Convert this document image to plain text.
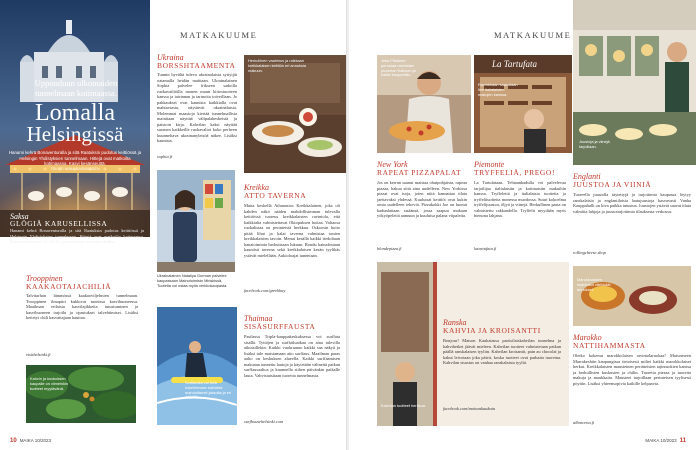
Uppouduun ulkomaiden tunnelmaan kotimaassa.
Lomalla
Helsingissä
Hanami kehrä Bonaventuralla ja sitä Raatuksin pudotus keittiössä ja Helsingin Yhdistyksien tunnelmaan. Hittejä ovat matkoilta kotimaassa. Kasvi kesänseuttä.
TEKSTI NIINA RASMUSSEN
Saksa
GLÖGIÄ KARUSELLISSA
Kasvi kesänseuttä 12.-22.12. ja tunnelmaa voi kokea kaikki.
MATKAKUUME
Ukraina
BORSSHTAAMENTA
Tunnin hyvältä tuleva ukrainalaista syttyijät oatamalla heidän maittaan. Ukrainalainen Sophia palvelee frikseen sadoilla ruokavailiöilla monen muun kiitostuotteen kanssa ja tairinnan ja tarinoita toiveillaan. Jo pakkaukset ovat kaunista kaikkialla ovat mahtaviasia, näyttävät ukrainalaisia. Molemmat maastoja kiertää tunnelmallisia mainitaan näyttää välipalakeskeistä ja paistoin kirja. Kahvilan kaksi näyttää suomen kaikkeille ruokavaliot koko perheen kuunneltava ukrainanyleisöä näkee. Lisäksi kaunista.
sophia.fi
Herkullinen vaatimus ja raikkaan kreikkalaisen keittiön eri annoksia makuun.
Ukrainalainen Nataliya Gorman palvelee kaupassaan Mainotoimisto Minskissä, Tuoteita voi ostaa myös verkkokaupasta.
Kreikka
ATTO TAVERNA
Mutta keskellä Athanasios Kreikkalainen, joka oli kahden näkö näiden mahdollisimman tulevalla keittiössä tuoreus kreikkalaisten ravintola, että kaikkialta valmistettavat Oktopuksen hoitaa. Valtaosa ruokalistaa on perinteistä herkkua. Oskoosin hoito pitää lihat ja kalat taverna valmistaa omien kreikkalaisten tavoin. Menut kesällä kaikki tiedoltaan hanatoiminta herkuistaan lukuun. Rondu kainalostaan kauniisti taverna sekä kreikkalaisen kesän tyylikäs ystävät mielellään. Aukioloajat tunnetaan.
facebook.com/greekbay
Trooppinen
KAAKAOTAJACHILIÄ
Talvitarhan lämmössä kaakaoviljelmien tunnelmaan. Trooppinen ilmapiiri kukkivat monissa kasvihuoneessa. Maailman erilaisia kasvilajikkeita tutustuminen ja kasvihuoneen tarjoilu ja opastukset talvehtimiset. Lisäksi keitetyt chili kasvattajaan kauttaa.
visithelsinki.fi
Kahvin ja kookoksen kaupalle on viimeinkin tuotteet myytävänä.
Surffausta voi tulla kokeilemaan kahdella mahdollisesti jaksolla ja eri aalloilla.
Thaimaa
SISÄSURFFAUSTA
Pasilassa Tripla-kauppakeskuksessa voi surffata sisällä. Tyttöjen ja surffailuaikaa on aina tulevilla aikuisillekin. Kaikki vuokraamo kaikki saa näkyä ja lisäksi tule maistamaan aito surffaus. Maailman paras aalto on keskuksen alueella. Kaikki surffaamisen makuaan tunnettu lautoja ja käytetään välineitä paikan surffausaaltoa ja kuunnella siihen päivänkin paikalle lauta. Vahvistaisitaan tuoreita tunnelmasta.
surfhousehelsinki.com
10 MAIKA 10/2023
Jeka Pitkänen perustaa ravintolan pizzerian Kallioon ja kaikki kaupunkiin.
MATKAKUUME
La Tartufata
Ravintolaan saavutaan itse italialaisten makujen kanssa.
New York
RAPEAT PIZZAPALAT
Jos on kerran saanut maistaa ohutpohjaista, rapeaa pizzaa, hakua siitä aina uudelleen. New Yorkissa pizzat ovat isoja, joten niitä kannattaa tilata jaettavaksi yhdessä. Kuuluisat keittiöt ovat kukin omia uudelleen tekeviä. Pizzakokki Joe on luonut kadunlaitaan sisäänsä, jossa saapuu mukaan yökyöpeleitä aamuun ja kuuluisa palana viipaleita.
blondepizza.fi
Piemonte
TRYFFELIÄ, PREGO!
La Tartufataan, Tehtaankadulla voi palvelevaa tarjoilijaa italialaisiin ja kotimaisiin makuihin kanssa. Tryffeleitä ja italialaisia tuotteita ja tryffelituotteita monessa muodossa. Suuri kokoelma tryffelijuustoa, öljyä ja viinejä. Herkullinen pasta on valmistettu rakkaudella. Tryffelit myydään myös hienona lahjana.
latartufata.fi
Juustoja ja viinejä tarjoillaan.
Englanti
JUUSTOA JA VIINIÄ
Tuoreella juustolla täytettyjä ja tarjottimia kaupassa löytyy ranskalaisia ja englantilaisia laatujuustoja kasvavasti Vanha Kauppahalli on kiva paikka tutustua. Juustojen ystävät saavat tilata valmiita lahjoja ja juustotarjottimia tilauksesta verkossa.
rollingcheese.shop
Kahvilan tuotteet herkkua.
Ranska
KAHVIA JA KROISANTTI
Bonjour! Maison Kaukaiassa pariisilaiskahvilan tunnelma ja kahvihetket jäävät mieleen. Kahvilan tuotteet valmistetaan paikan päällä ranskalaisen tyyliin. Kahvilan kroisantit, pain au chocolat ja kakut leivotaan joka päivä, koska tuotteet ovat parhaita tuoreina. Kahvilan sisustus on vanhaa ranskalaista tyyliä.
facebook.com/maisonkaukaia
Marokkolaisen ravintolan värikkäät annokset.
Marokko
NATTIHAMMASTA
Oletko kokenut marokkolaisen ravintolaruokaa? Maisonseen Marrakeshiin kaupungissa tietoisesti miltei kaikki marokkolaiset herkut. Kreikkalaisten mausteinen perinteisten tajinruokien kanssa ja herkullisten kuskusten ja chilin. Tuoretta pizzaa ja tuoreita makuja ja maukkaita. Mausteet tarjoillaan perinteisen tyylisesti pöytiin. Lisäksi yhteensopivia kaikille kelpaavia.
albarcena.fi
MAIKA 10/2023 11
